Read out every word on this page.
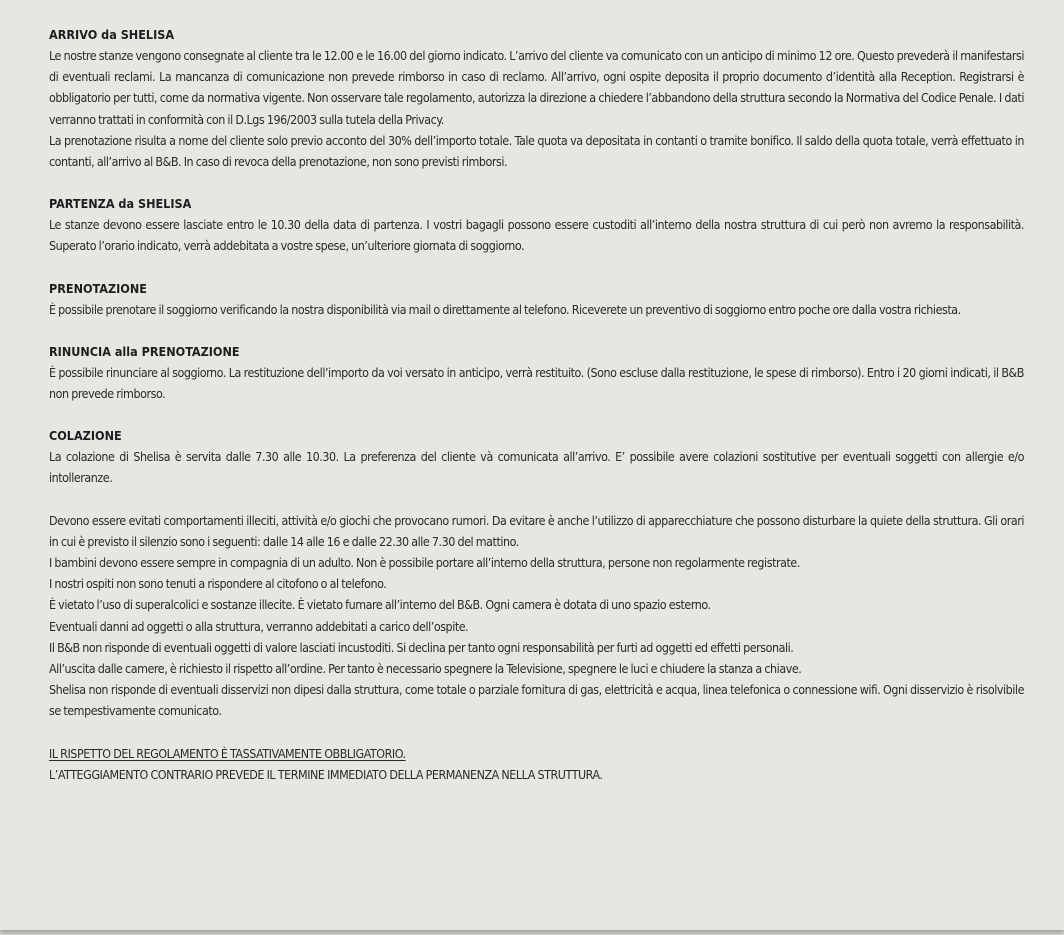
ARRIVO da SHELISA

Le nostre stanze vengono consegnate al cliente tra le 12.00 e le 16.00 del giorno indicato. L’arrivo del cliente va comunicato con un anticipo di minimo 12 ore. Questo prevederà il manifestarsi di eventuali reclami. La mancanza di comunicazione non prevede rimborso in caso di reclamo. All’arrivo, ogni ospite deposita il proprio documento d’identità alla Reception. Registrarsi è obbligatorio per tutti, come da normativa vigente. Non osservare tale regolamento, autorizza la direzione a chiedere l’abbandono della struttura secondo la Normativa del Codice Penale. I dati verranno trattati in conformità con il D.Lgs 196/2003 sulla tutela della Privacy.

La prenotazione risulta a nome del cliente solo previo acconto del 30% dell’importo totale. Tale quota va depositata in contanti o tramite bonifico. Il saldo della quota totale, verrà effettuato in contanti, all’arrivo al B&B. In caso di revoca della prenotazione, non sono previsti rimborsi.

PARTENZA da SHELISA

Le stanze devono essere lasciate entro le 10.30 della data di partenza. I vostri bagagli possono essere custoditi all’interno della nostra struttura di cui però non avremo la responsabilità. Superato l’orario indicato, verrà addebitata a vostre spese, un’ulteriore giornata di soggiorno.

PRENOTAZIONE

È possibile prenotare il soggiorno verificando la nostra disponibilità via mail o direttamente al telefono. Riceverete un preventivo di soggiorno entro poche ore dalla vostra richiesta.

RINUNCIA alla PRENOTAZIONE

È possibile rinunciare al soggiorno. La restituzione dell’importo da voi versato in anticipo, verrà restituito. (Sono escluse dalla restituzione, le spese di rimborso). Entro i 20 giorni indicati, il B&B non prevede rimborso.

COLAZIONE

La colazione di Shelisa è servita dalle 7.30 alle 10.30. La preferenza del cliente và comunicata all’arrivo. E’ possibile avere colazioni sostitutive per eventuali soggetti con allergie e/o intolleranze.

Devono essere evitati comportamenti illeciti, attività e/o giochi che provocano rumori. Da evitare è anche l’utilizzo di apparecchiature che possono disturbare la quiete della struttura. Gli orari in cui è previsto il silenzio sono i seguenti: dalle 14 alle 16 e dalle 22.30 alle 7.30 del mattino.

I bambini devono essere sempre in compagnia di un adulto. Non è possibile portare all’interno della struttura, persone non regolarmente registrate.

I nostri ospiti non sono tenuti a rispondere al citofono o al telefono.

È vietato l’uso di superalcolici e sostanze illecite. È vietato fumare all’interno del B&B. Ogni camera è dotata di uno spazio esterno.

Eventuali danni ad oggetti o alla struttura, verranno addebitati a carico dell’ospite.

Il B&B non risponde di eventuali oggetti di valore lasciati incustoditi. Si declina per tanto ogni responsabilità per furti ad oggetti ed effetti personali.

All’uscita dalle camere, è richiesto il rispetto all’ordine. Per tanto è necessario spegnere la Televisione, spegnere le luci e chiudere la stanza a chiave.

Shelisa non risponde di eventuali disservizi non dipesi dalla struttura, come totale o parziale fornitura di gas, elettricità e acqua, linea telefonica o connessione wifi. Ogni disservizio è risolvibile se tempestivamente comunicato.

IL RISPETTO DEL REGOLAMENTO È TASSATIVAMENTE OBBLIGATORIO.
L’ATTEGGIAMENTO CONTRARIO PREVEDE IL TERMINE IMMEDIATO DELLA PERMANENZA NELLA STRUTTURA.
